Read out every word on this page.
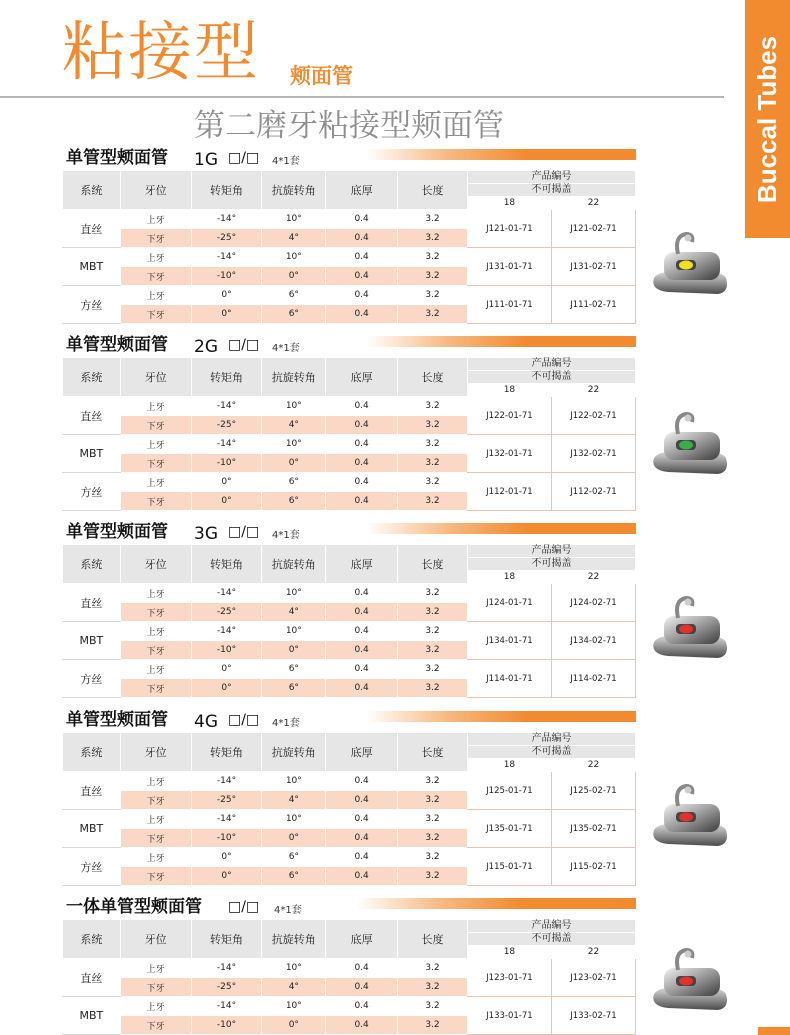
粘接型 颊面管	Buccal Tubes
第二磨牙粘接型颊面管
单管型颊面管 1G □/□ 4*1套
系统	牙位	转矩角	抗旋转角	底厚	长度	产品编号	
						不可揭盖	
						18	22
直丝	上牙	-14°	10°	0.4	3.2	J121-01-71	J121-02-71
	下牙	-25°	4°	0.4	3.2		
MBT	上牙	-14°	10°	0.4	3.2	J131-01-71	J131-02-71
	下牙	-10°	0°	0.4	3.2		
方丝	上牙	0°	6°	0.4	3.2	J111-01-71	J111-02-71
	下牙	0°	6°	0.4	3.2		
单管型颊面管 2G □/□ 4*1套
系统	牙位	转矩角	抗旋转角	底厚	长度	产品编号	
						不可揭盖	
						18	22
直丝	上牙	-14°	10°	0.4	3.2	J122-01-71	J122-02-71
	下牙	-25°	4°	0.4	3.2		
MBT	上牙	-14°	10°	0.4	3.2	J132-01-71	J132-02-71
	下牙	-10°	0°	0.4	3.2		
方丝	上牙	0°	6°	0.4	3.2	J112-01-71	J112-02-71
	下牙	0°	6°	0.4	3.2		
单管型颊面管 3G □/□ 4*1套
系统	牙位	转矩角	抗旋转角	底厚	长度	产品编号	
						不可揭盖	
						18	22
直丝	上牙	-14°	10°	0.4	3.2	J124-01-71	J124-02-71
	下牙	-25°	4°	0.4	3.2		
MBT	上牙	-14°	10°	0.4	3.2	J134-01-71	J134-02-71
	下牙	-10°	0°	0.4	3.2		
方丝	上牙	0°	6°	0.4	3.2	J114-01-71	J114-02-71
	下牙	0°	6°	0.4	3.2		
单管型颊面管 4G □/□ 4*1套
系统	牙位	转矩角	抗旋转角	底厚	长度	产品编号	
						不可揭盖	
						18	22
直丝	上牙	-14°	10°	0.4	3.2	J125-01-71	J125-02-71
	下牙	-25°	4°	0.4	3.2		
MBT	上牙	-14°	10°	0.4	3.2	J135-01-71	J135-02-71
	下牙	-10°	0°	0.4	3.2		
方丝	上牙	0°	6°	0.4	3.2	J115-01-71	J115-02-71
	下牙	0°	6°	0.4	3.2		
一体单管型颊面管 □/□ 4*1套
系统	牙位	转矩角	抗旋转角	底厚	长度	产品编号	
						不可揭盖	
						18	22
直丝	上牙	-14°	10°	0.4	3.2	J123-01-71	J123-02-71
	下牙	-25°	4°	0.4	3.2		
MBT	上牙	-14°	10°	0.4	3.2	J133-01-71	J133-02-71
	下牙	-10°	0°	0.4	3.2		
